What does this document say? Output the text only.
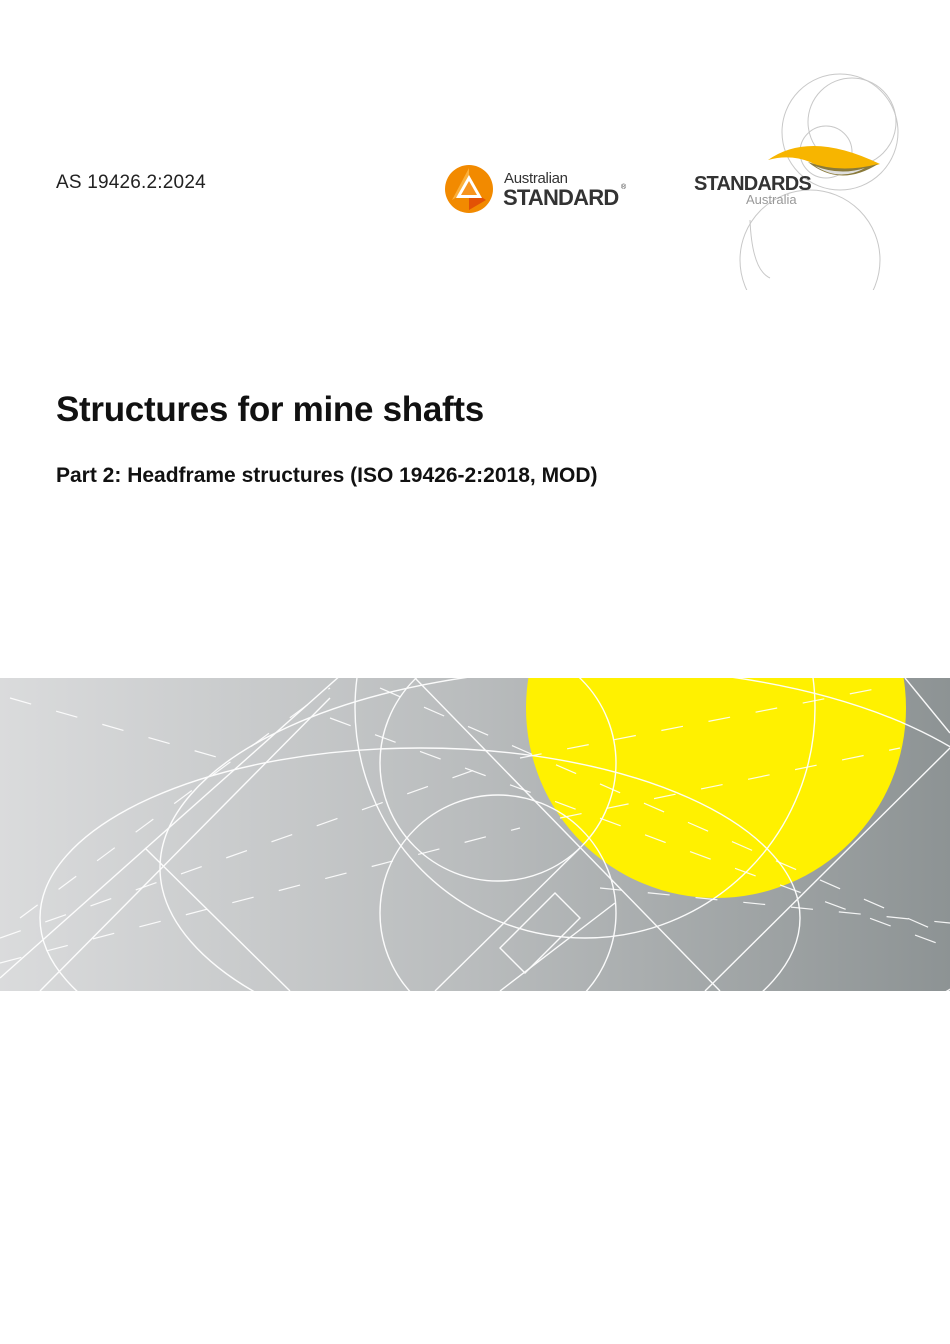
AS 19426.2:2024	Australian
STANDARD ®	STANDARDS
Australia
Structures for mine shafts
Part 2: Headframe structures (ISO 19426-2:2018, MOD)
